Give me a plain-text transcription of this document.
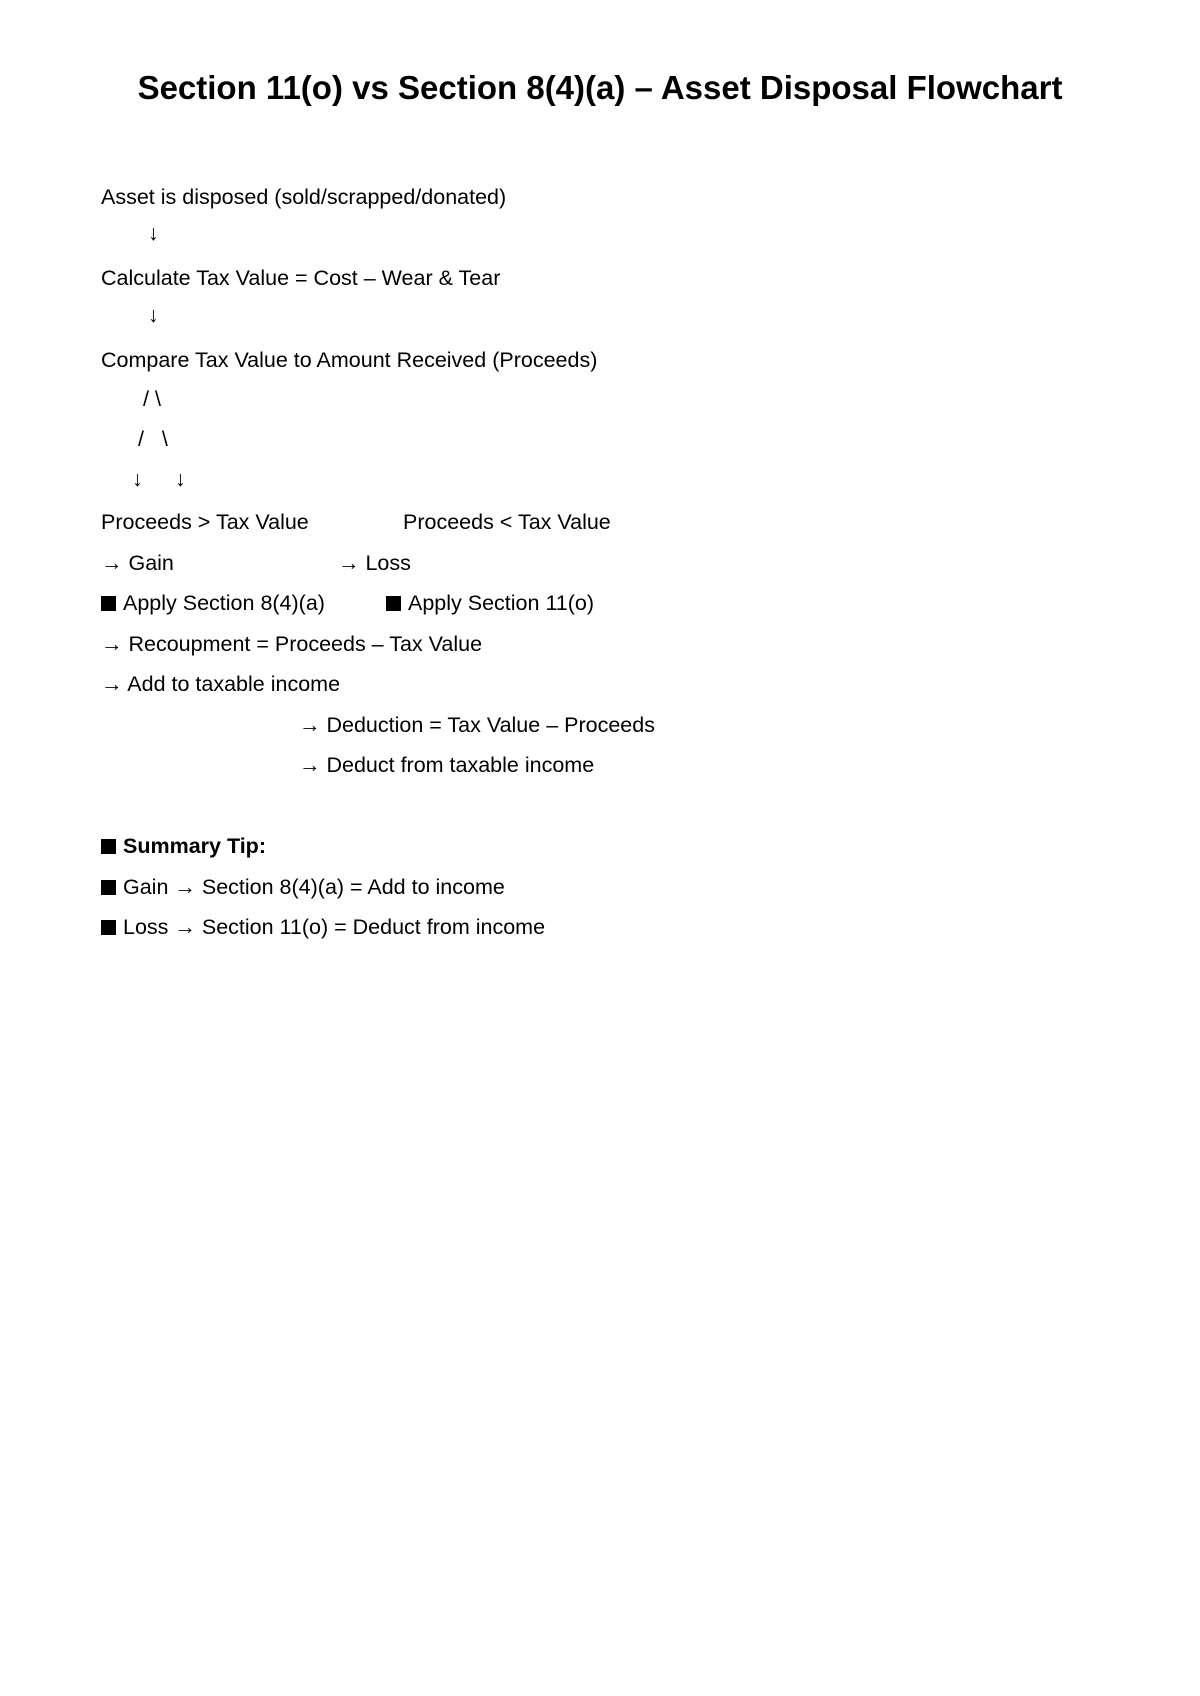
Section 11(o) vs Section 8(4)(a) – Asset Disposal Flowchart
Asset is disposed (sold/scrapped/donated)
↓
Calculate Tax Value = Cost – Wear & Tear
↓
Compare Tax Value to Amount Received (Proceeds)
/ \
/   \
↓ ↓
Proceeds > Tax Value	Proceeds < Tax Value
→ Gain	→ Loss
Apply Section 8(4)(a)	Apply Section 11(o)
→ Recoupment = Proceeds – Tax Value
→ Add to taxable income
→ Deduction = Tax Value – Proceeds
→ Deduct from taxable income
Summary Tip:
Gain → Section 8(4)(a) = Add to income
Loss → Section 11(o) = Deduct from income
